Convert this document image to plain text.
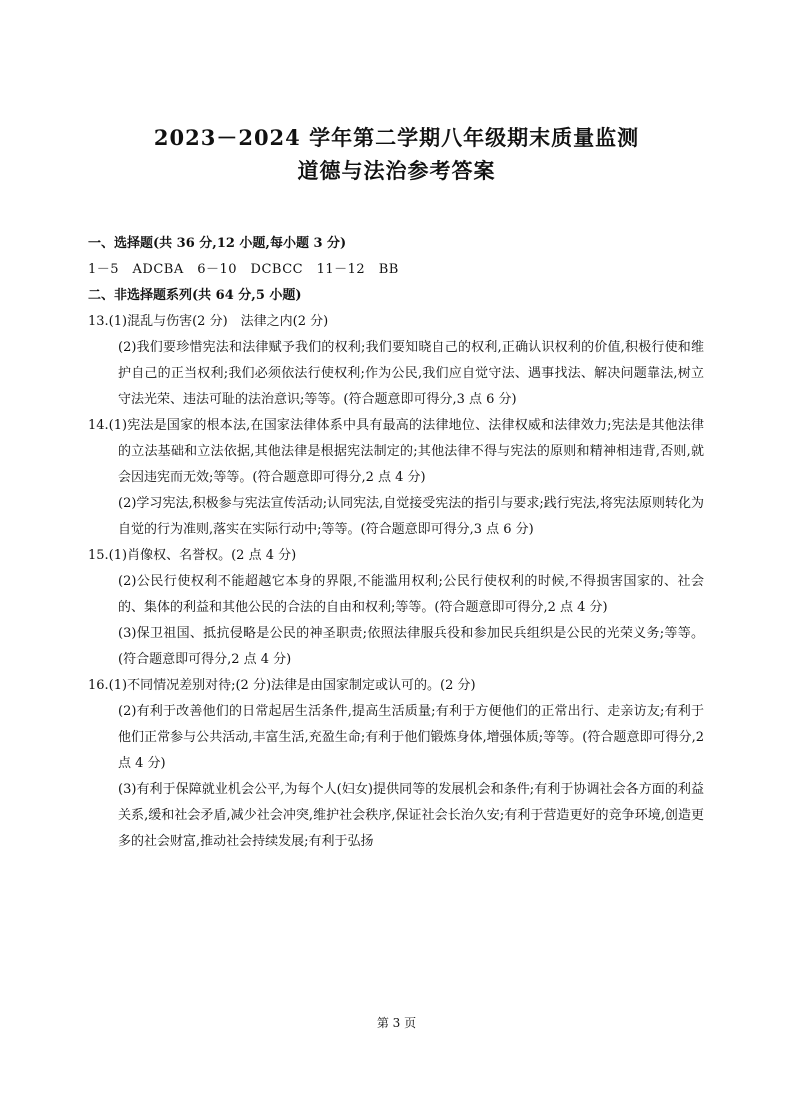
2023－2024 学年第二学期八年级期末质量监测
道德与法治参考答案
一、选择题(共 36 分,12 小题,每小题 3 分)
1－5　ADCBA　6－10　DCBCC　11－12　BB
二、非选择题系列(共 64 分,5 小题)
13.(1)混乱与伤害(2 分)　法律之内(2 分)
(2)我们要珍惜宪法和法律赋予我们的权利;我们要知晓自己的权利,正确认识权利的价值,积极行使和维护自己的正当权利;我们必须依法行使权利;作为公民,我们应自觉守法、遇事找法、解决问题靠法,树立守法光荣、违法可耻的法治意识;等等。(符合题意即可得分,3 点 6 分)
14.(1)宪法是国家的根本法,在国家法律体系中具有最高的法律地位、法律权威和法律效力;宪法是其他法律的立法基础和立法依据,其他法律是根据宪法制定的;其他法律不得与宪法的原则和精神相违背,否则,就会因违宪而无效;等等。(符合题意即可得分,2 点 4 分)
(2)学习宪法,积极参与宪法宣传活动;认同宪法,自觉接受宪法的指引与要求;践行宪法,将宪法原则转化为自觉的行为准则,落实在实际行动中;等等。(符合题意即可得分,3 点 6 分)
15.(1)肖像权、名誉权。(2 点 4 分)
(2)公民行使权利不能超越它本身的界限,不能滥用权利;公民行使权利的时候,不得损害国家的、社会的、集体的利益和其他公民的合法的自由和权利;等等。(符合题意即可得分,2 点 4 分)
(3)保卫祖国、抵抗侵略是公民的神圣职责;依照法律服兵役和参加民兵组织是公民的光荣义务;等等。(符合题意即可得分,2 点 4 分)
16.(1)不同情况差别对待;(2 分)法律是由国家制定或认可的。(2 分)
(2)有利于改善他们的日常起居生活条件,提高生活质量;有利于方便他们的正常出行、走亲访友;有利于他们正常参与公共活动,丰富生活,充盈生命;有利于他们锻炼身体,增强体质;等等。(符合题意即可得分,2 点 4 分)
(3)有利于保障就业机会公平,为每个人(妇女)提供同等的发展机会和条件;有利于协调社会各方面的利益关系,缓和社会矛盾,减少社会冲突,维护社会秩序,保证社会长治久安;有利于营造更好的竞争环境,创造更多的社会财富,推动社会持续发展;有利于弘扬
第 3 页
